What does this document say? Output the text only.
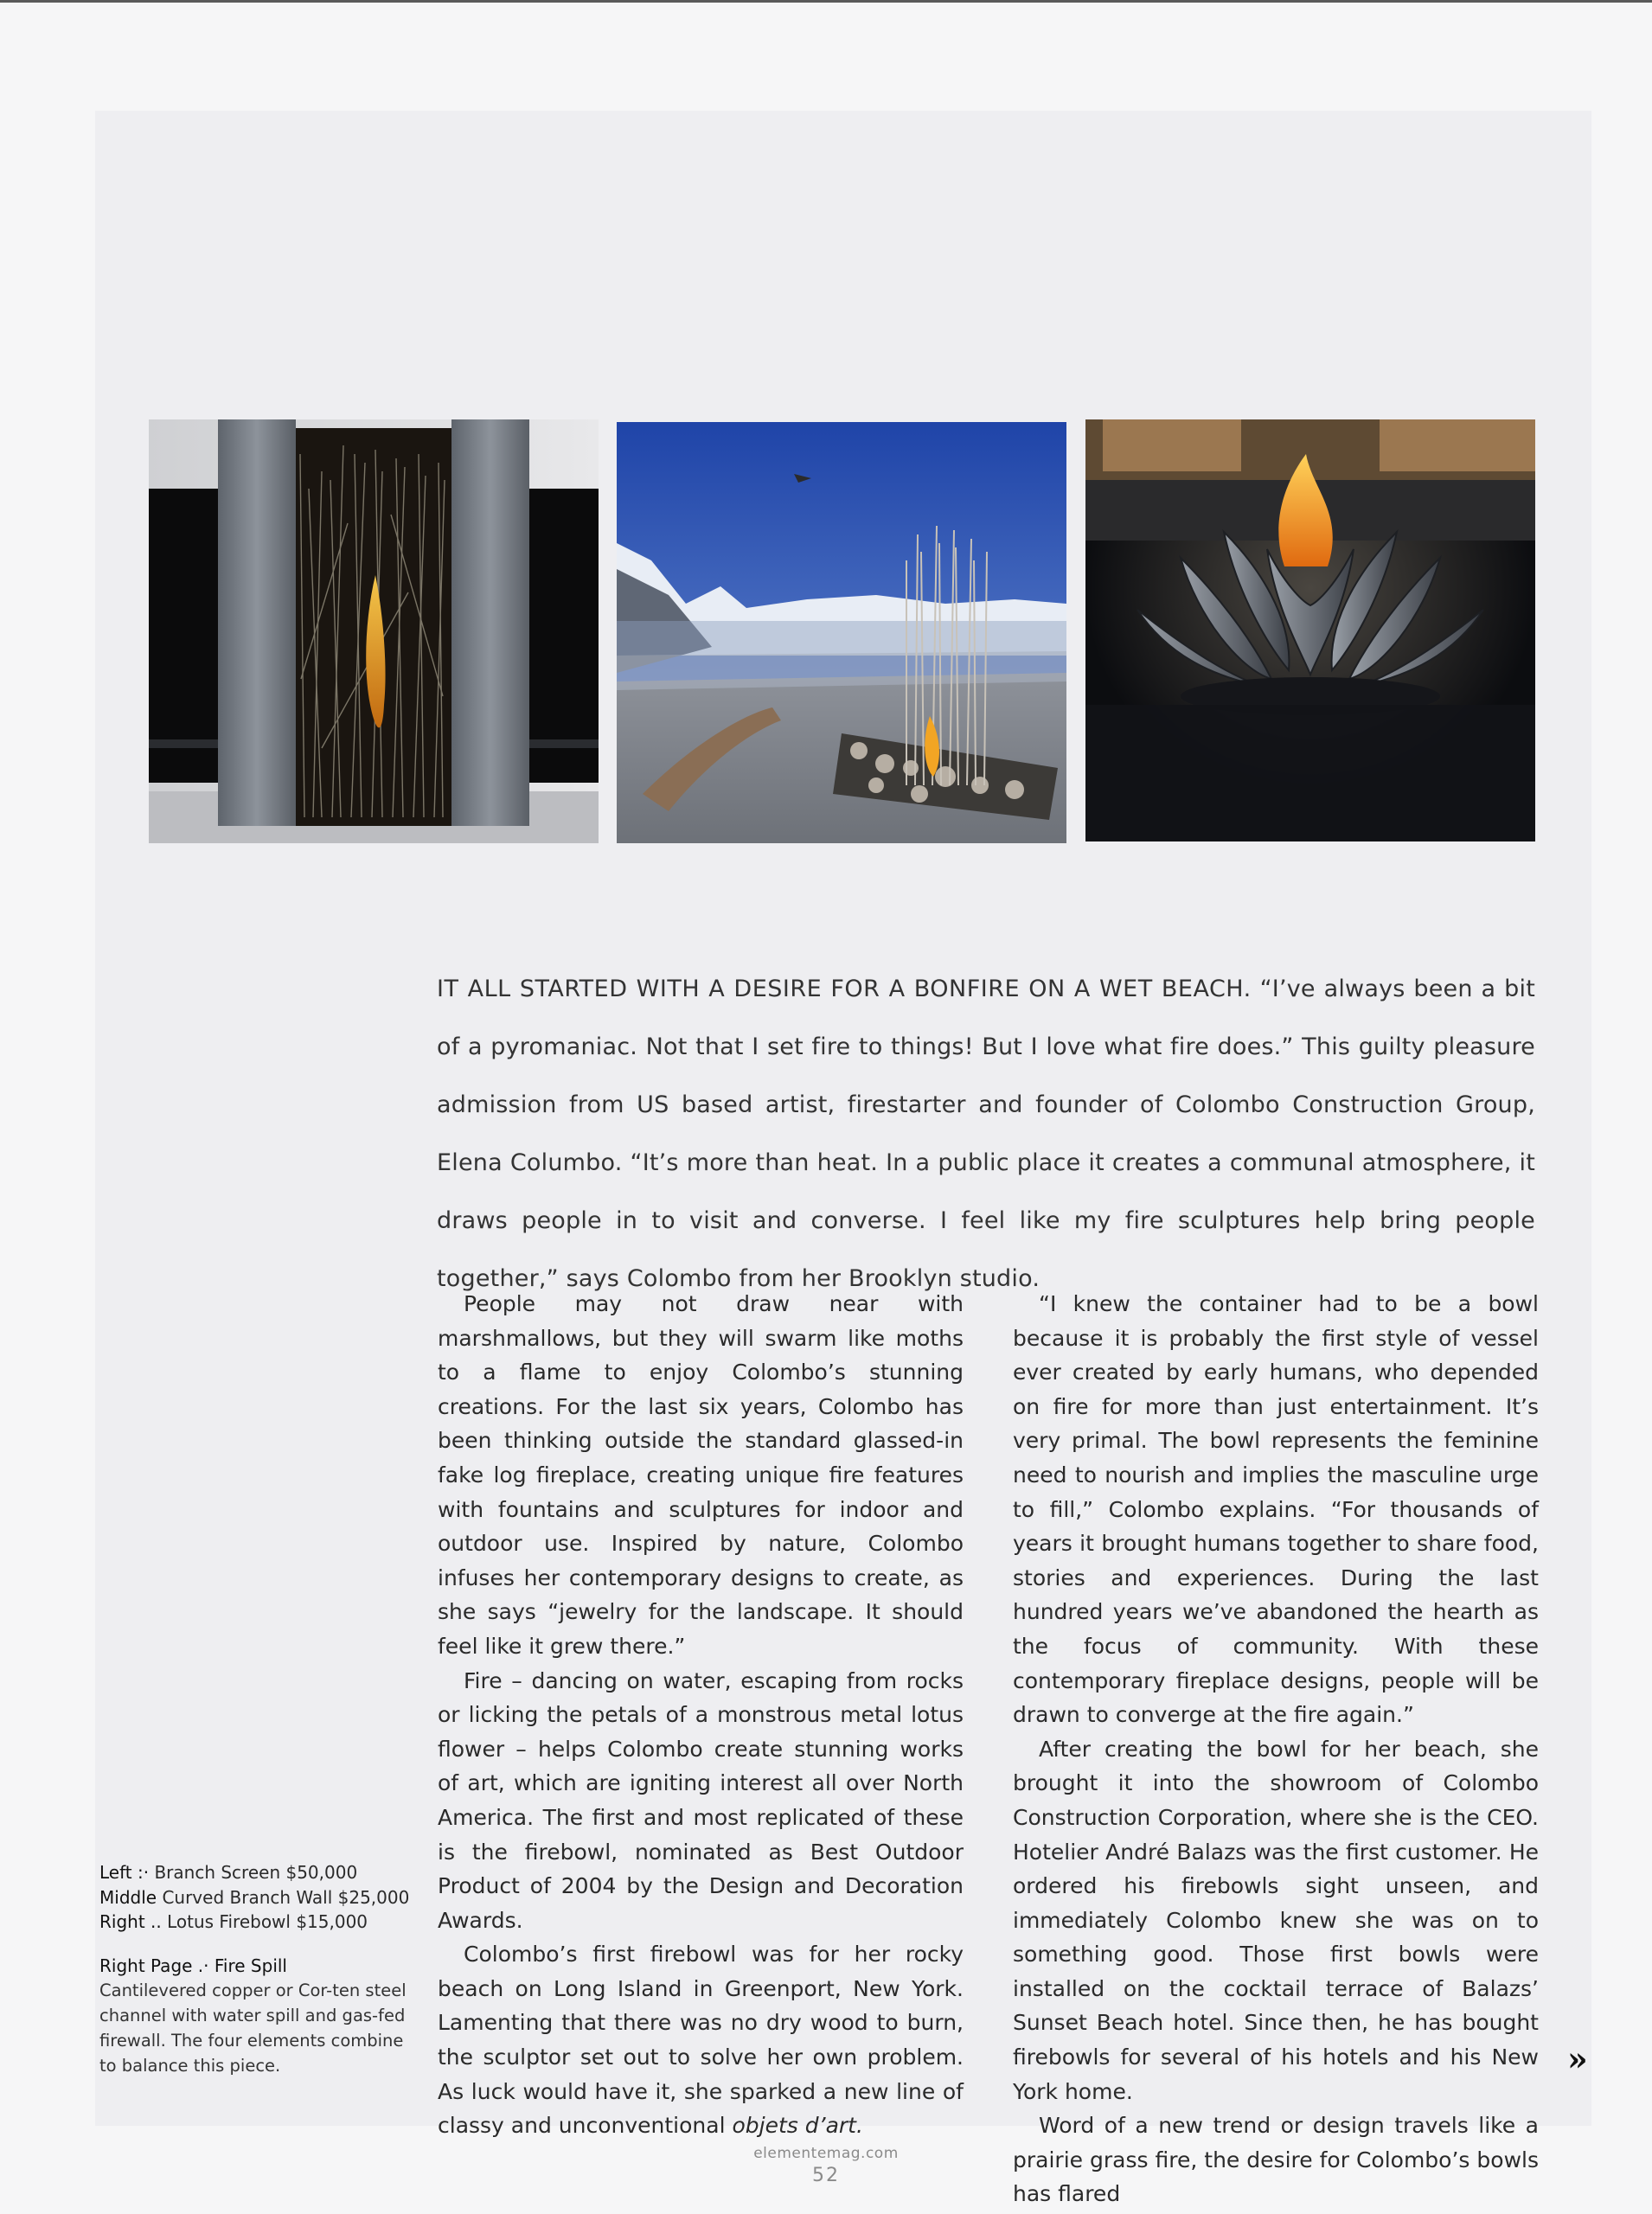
IT ALL STARTED WITH A DESIRE FOR A BONFIRE ON A WET BEACH. “I’ve always been a bit of a pyromaniac. Not that I set fire to things! But I love what fire does.” This guilty pleasure admission from US based artist, firestarter and founder of Colombo Construction Group, Elena Columbo. “It’s more than heat. In a public place it creates a communal atmosphere, it draws people in to visit and converse. I feel like my fire sculptures help bring people together,” says Colombo from her Brooklyn studio.

People may not draw near with marshmallows, but they will swarm like moths to a flame to enjoy Colombo’s stunning creations. For the last six years, Colombo has been thinking outside the standard glassed-in fake log fireplace, creating unique fire features with fountains and sculptures for indoor and outdoor use. Inspired by nature, Colombo infuses her contemporary designs to create, as she says “jewelry for the landscape. It should feel like it grew there.”

Fire – dancing on water, escaping from rocks or licking the petals of a monstrous metal lotus flower – helps Colombo create stunning works of art, which are igniting interest all over North America. The first and most replicated of these is the firebowl, nominated as Best Outdoor Product of 2004 by the Design and Decoration Awards.

Colombo’s first firebowl was for her rocky beach on Long Island in Greenport, New York. Lamenting that there was no dry wood to burn, the sculptor set out to solve her own problem. As luck would have it, she sparked a new line of classy and unconventional objets d’art.

“I knew the container had to be a bowl because it is probably the first style of vessel ever created by early humans, who depended on fire for more than just entertainment. It’s very primal. The bowl represents the feminine need to nourish and implies the masculine urge to fill,” Colombo explains. “For thousands of years it brought humans together to share food, stories and experiences. During the last hundred years we’ve abandoned the hearth as the focus of community. With these contemporary fireplace designs, people will be drawn to converge at the fire again.”

After creating the bowl for her beach, she brought it into the showroom of Colombo Construction Corporation, where she is the CEO. Hotelier André Balazs was the first customer. He ordered his firebowls sight unseen, and immediately Colombo knew she was on to something good. Those first bowls were installed on the cocktail terrace of Balazs’ Sunset Beach hotel. Since then, he has bought firebowls for several of his hotels and his New York home.

Word of a new trend or design travels like a prairie grass fire, the desire for Colombo’s bowls has flared

Left :· Branch Screen $50,000
Middle Curved Branch Wall $25,000
Right .. Lotus Firebowl $15,000
Right Page .· Fire Spill
Cantilevered copper or Cor-ten steel channel with water spill and gas-fed firewall. The four elements combine to balance this piece.	»
elementemag.com
52
